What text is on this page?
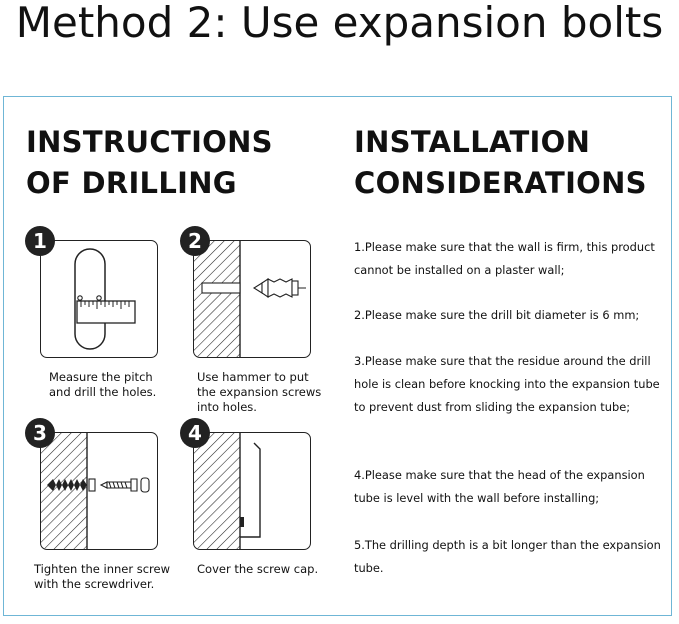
Method 2: Use expansion bolts
INSTRUCTIONS
OF DRILLING
INSTALLATION
CONSIDERATIONS
1
Measure the pitch
and drill the holes.
2
Use hammer to put
the expansion screws
into holes.
3
Tighten the inner screw
with the screwdriver.
4
Cover the screw cap.
1.Please make sure that the wall is firm, this product cannot be installed on a plaster wall;
2.Please make sure the drill bit diameter is 6 mm;
3.Please make sure that the residue around the drill hole is clean before knocking into the expansion tube to prevent dust from sliding the expansion tube;
4.Please make sure that the head of the expansion tube is level with the wall before installing;
5.The drilling depth is a bit longer than the expansion tube.
